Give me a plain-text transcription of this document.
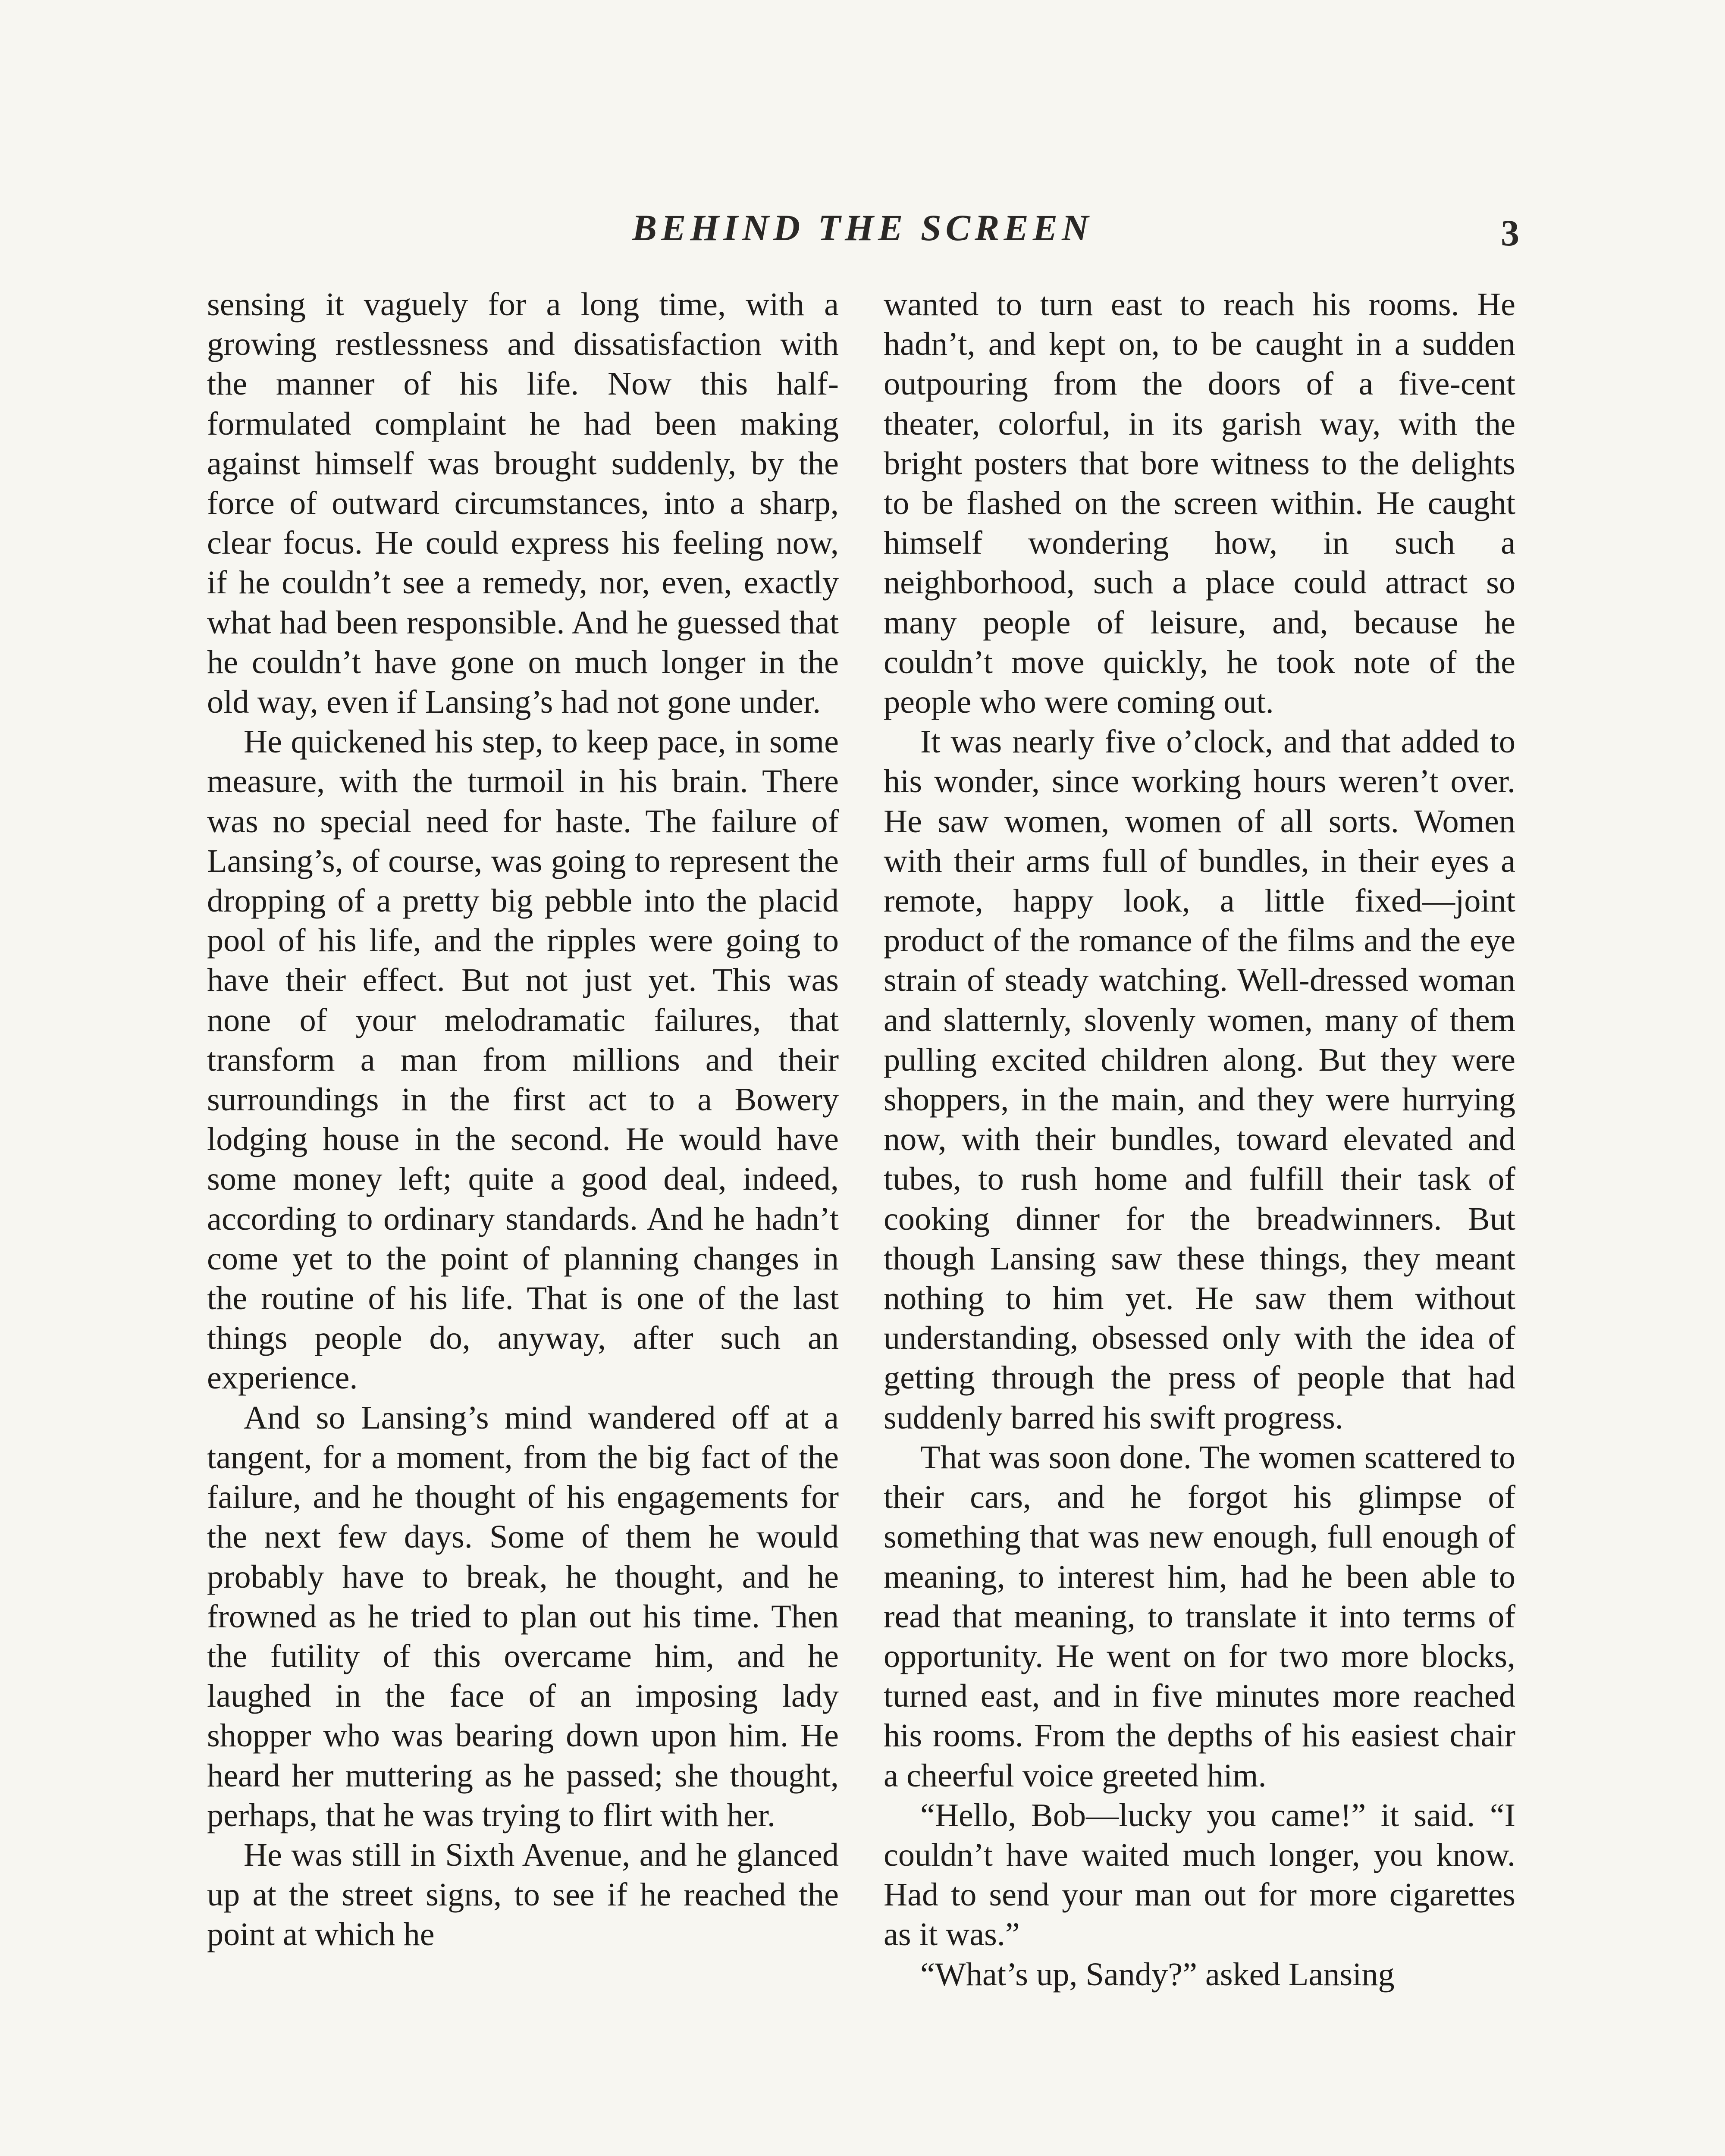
BEHIND THE SCREEN	3

sensing it vaguely for a long time, with a growing restlessness and dissatisfaction with the manner of his life. Now this half-formulated complaint he had been making against himself was brought suddenly, by the force of outward circumstances, into a sharp, clear focus. He could express his feeling now, if he couldn’t see a remedy, nor, even, exactly what had been responsible. And he guessed that he couldn’t have gone on much longer in the old way, even if Lansing’s had not gone under.

He quickened his step, to keep pace, in some measure, with the turmoil in his brain. There was no special need for haste. The failure of Lansing’s, of course, was going to represent the dropping of a pretty big pebble into the placid pool of his life, and the ripples were going to have their effect. But not just yet. This was none of your melodramatic failures, that transform a man from millions and their surroundings in the first act to a Bowery lodging house in the second. He would have some money left; quite a good deal, indeed, according to ordinary standards. And he hadn’t come yet to the point of planning changes in the routine of his life. That is one of the last things people do, anyway, after such an experience.

And so Lansing’s mind wandered off at a tangent, for a moment, from the big fact of the failure, and he thought of his engagements for the next few days. Some of them he would probably have to break, he thought, and he frowned as he tried to plan out his time. Then the futility of this overcame him, and he laughed in the face of an imposing lady shopper who was bearing down upon him. He heard her muttering as he passed; she thought, perhaps, that he was trying to flirt with her.

He was still in Sixth Avenue, and he glanced up at the street signs, to see if he reached the point at which he

wanted to turn east to reach his rooms. He hadn’t, and kept on, to be caught in a sudden outpouring from the doors of a five-cent theater, colorful, in its garish way, with the bright posters that bore witness to the delights to be flashed on the screen within. He caught himself wondering how, in such a neighborhood, such a place could attract so many people of leisure, and, because he couldn’t move quickly, he took note of the people who were coming out.

It was nearly five o’clock, and that added to his wonder, since working hours weren’t over. He saw women, women of all sorts. Women with their arms full of bundles, in their eyes a remote, happy look, a little fixed—joint product of the romance of the films and the eye strain of steady watching. Well-dressed woman and slatternly, slovenly women, many of them pulling excited children along. But they were shoppers, in the main, and they were hurrying now, with their bundles, toward elevated and tubes, to rush home and fulfill their task of cooking dinner for the breadwinners. But though Lansing saw these things, they meant nothing to him yet. He saw them without understanding, obsessed only with the idea of getting through the press of people that had suddenly barred his swift progress.

That was soon done. The women scattered to their cars, and he forgot his glimpse of something that was new enough, full enough of meaning, to interest him, had he been able to read that meaning, to translate it into terms of opportunity. He went on for two more blocks, turned east, and in five minutes more reached his rooms. From the depths of his easiest chair a cheerful voice greeted him.

“Hello, Bob—lucky you came!” it said. “I couldn’t have waited much longer, you know. Had to send your man out for more cigarettes as it was.”

“What’s up, Sandy?” asked Lansing
